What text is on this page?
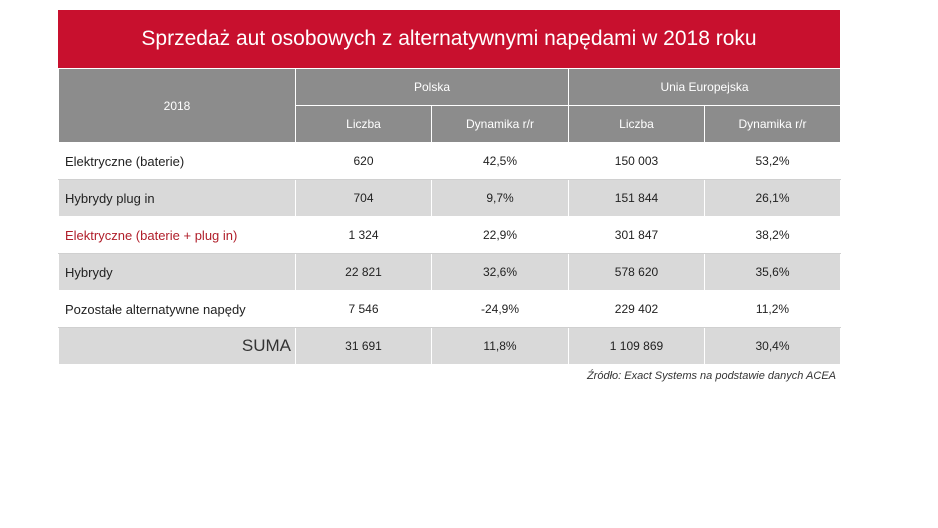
Sprzedaż aut osobowych z alternatywnymi napędami w 2018 roku
2018	Polska		Unia Europejska	
	Liczba	Dynamika r/r	Liczba	Dynamika r/r
Elektryczne (baterie)	620	42,5%	150 003	53,2%
Hybrydy plug in	704	9,7%	151 844	26,1%
Elektryczne (baterie + plug in)	1 324	22,9%	301 847	38,2%
Hybrydy	22 821	32,6%	578 620	35,6%
Pozostałe alternatywne napędy	7 546	-24,9%	229 402	11,2%
SUMA	31 691	11,8%	1 109 869	30,4%
Źródło: Exact Systems na podstawie danych ACEA
